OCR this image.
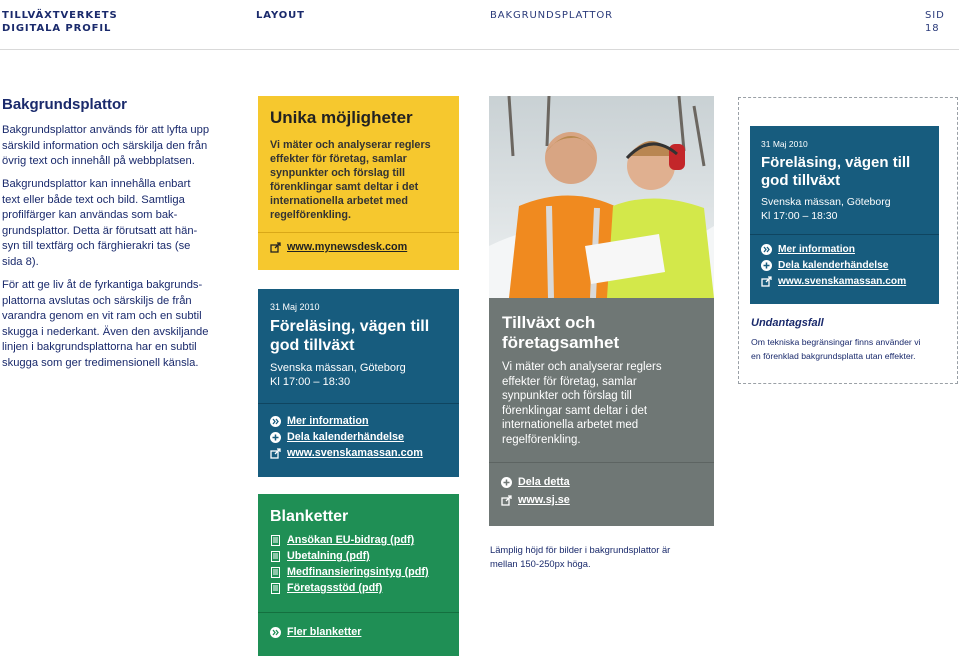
TILLVÄXTVERKETS
DIGITALA PROFIL
LAYOUT	BAKGRUNDSPLATTOR	SID 18
Bakgrundsplattor
Bakgrundsplattor används för att lyfta upp
särskild information och särskilja den från
övrig text och innehåll på webbplatsen.
Bakgrundsplattor kan innehålla enbart
text eller både text och bild. Samtliga
profilfärger kan användas som bak-
grundsplattor. Detta är förutsatt att hän-
syn till textfärg och färghierakri tas (se
sida 8).
För att ge liv åt de fyrkantiga bakgrunds-
plattorna avslutas och särskiljs de från
varandra genom en vit ram och en subtil
skugga i nederkant. Även den avskiljande
linjen i bakgrundsplattorna har en subtil
skugga som ger tredimensionell känsla.
Unika möjligheter
Vi mäter och analyserar reglers
effekter för företag, samlar
synpunkter och förslag till
förenklingar samt deltar i det
internationella arbetet med
regelförenkling.
www.mynewsdesk.com
31 Maj 2010
Föreläsing, vägen till
god tillväxt
Svenska mässan, Göteborg
Kl 17:00 – 18:30
Mer information
Dela kalenderhändelse
www.svenskamassan.com
Blanketter
Ansökan EU-bidrag (pdf)
Ubetalning (pdf)
Medfinansieringsintyg (pdf)
Företagsstöd (pdf)
Fler blanketter
Tillväxt och
företagsamhet
Vi mäter och analyserar reglers
effekter för företag, samlar
synpunkter och förslag till
förenklingar samt deltar i det
internationella arbetet med
regelförenkling.
Dela detta
www.sj.se
Lämplig höjd för bilder i bakgrundsplattor är
mellan 150-250px höga.
31 Maj 2010
Föreläsing, vägen till
god tillväxt
Svenska mässan, Göteborg
Kl 17:00 – 18:30
Mer information
Dela kalenderhändelse
www.svenskamassan.com
Undantagsfall
Om tekniska begränsingar finns använder vi
en förenklad bakgrundsplatta utan effekter.
